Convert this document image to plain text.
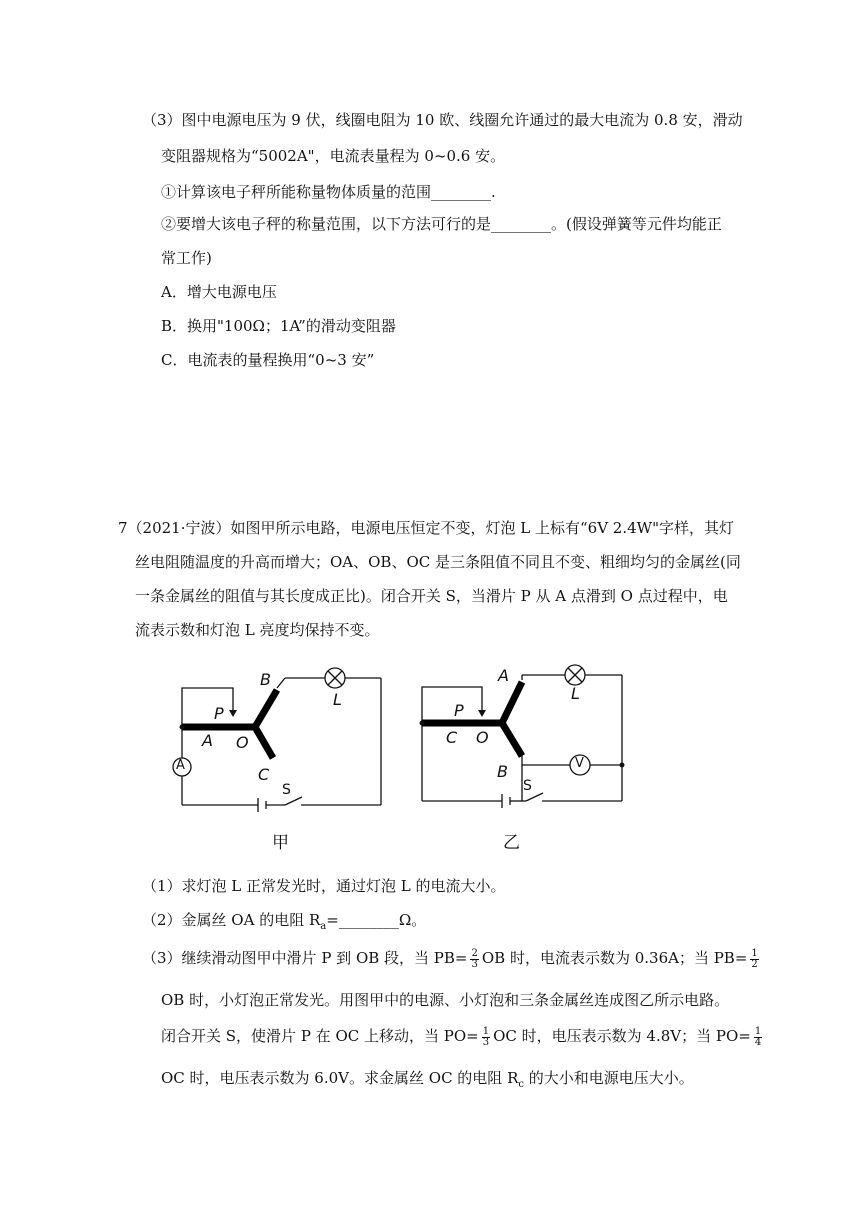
（3）图中电源电压为 9 伏，线圈电阻为 10 欧、线圈允许通过的最大电流为 0.8 安，滑动
变阻器规格为“5002A"，电流表量程为 0~0.6 安。
①计算该电子秤所能称量物体质量的范围________.
②要增大该电子秤的称量范围，以下方法可行的是________。(假设弹簧等元件均能正
常工作)
A．增大电源电压
B．换用"100Ω；1A”的滑动变阻器
C．电流表的量程换用“0~3 安”
7（2021·宁波）如图甲所示电路，电源电压恒定不变，灯泡 L 上标有“6V 2.4W"字样，其灯
丝电阻随温度的升高而增大；OA、OB、OC 是三条阻值不同且不变、粗细均匀的金属丝(同
一条金属丝的阻值与其长度成正比)。闭合开关 S，当滑片 P 从 A 点滑到 O 点过程中，电
流表示数和灯泡 L 亮度均保持不变。
B
L
P
A O
C
S
A
甲
A
L
P
C O
B
S
V
乙
（1）求灯泡 L 正常发光时，通过灯泡 L 的电流大小。
（2）金属丝 OA 的电阻 $R_a=\_\_\_\_\_\_\_\_\Omega$。
（3）继续滑动图甲中滑片 P 到 OB 段，当 $PB= \frac{2}{3}$ OB 时，电流表示数为 0.36A；当 $PB= \frac{1}{2}$
OB 时，小灯泡正常发光。用图甲中的电源、小灯泡和三条金属丝连成图乙所示电路。
闭合开关 S，使滑片 P 在 OC 上移动，当 $PO= \frac{1}{3}$ OC 时，电压表示数为 4.8V；当 $PO= \frac{1}{4}$
OC 时，电压表示数为 6.0V。求金属丝 OC 的电阻 $R_c$ 的大小和电源电压大小。
